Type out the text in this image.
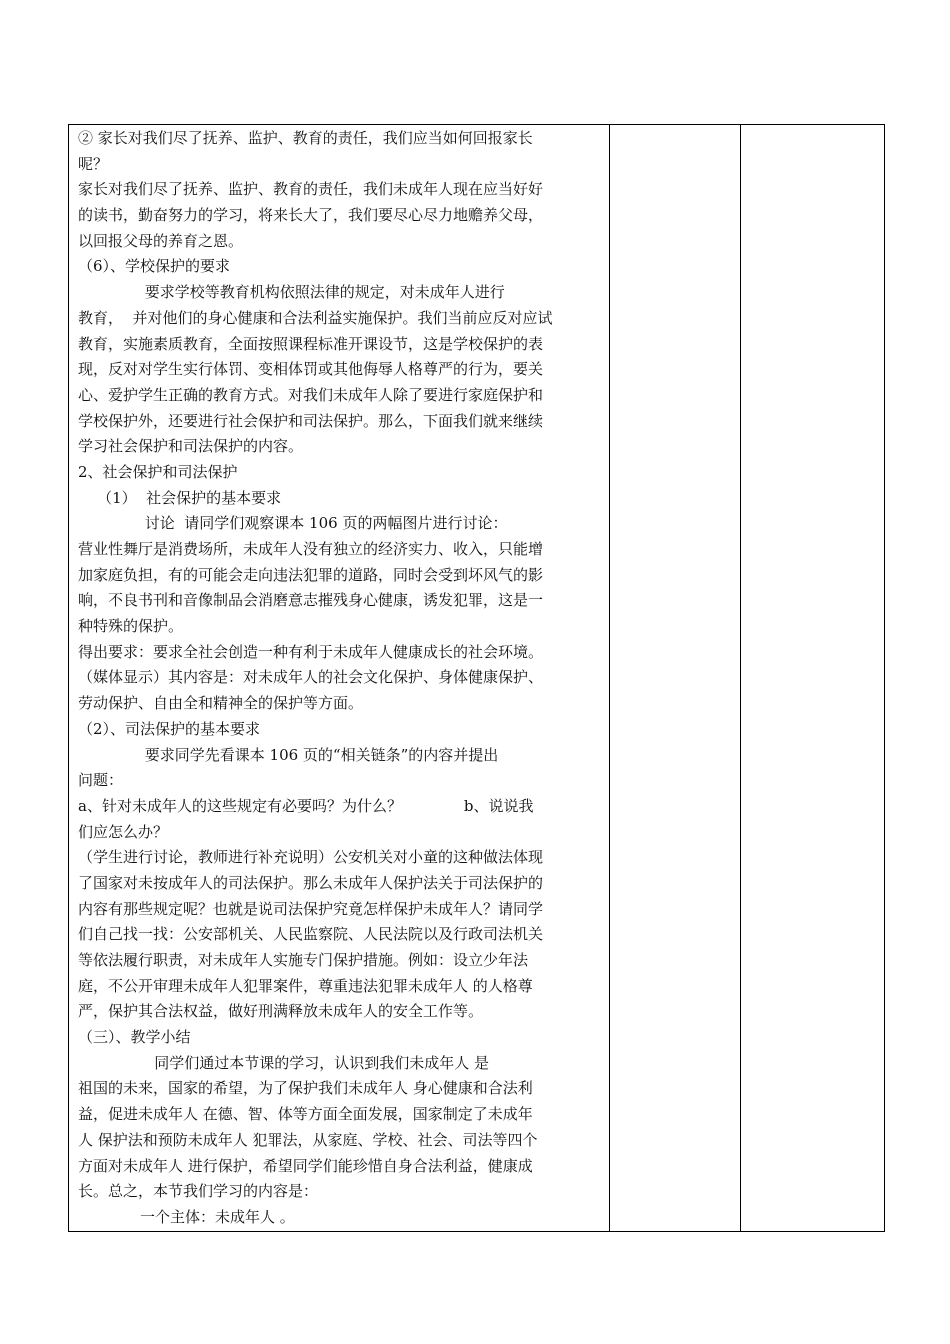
② 家长对我们尽了抚养、监护、教育的责任，我们应当如何回报家长
呢？
家长对我们尽了抚养、监护、教育的责任，我们未成年人现在应当好好
的读书，勤奋努力的学习，将来长大了，我们要尽心尽力地赡养父母，
以回报父母的养育之恩。
（6）、学校保护的要求
要求学校等教育机构依照法律的规定，对未成年人进行
教育，  并对他们的身心健康和合法利益实施保护。我们当前应反对应试
教育，实施素质教育，全面按照课程标准开课设节，这是学校保护的表
现，反对对学生实行体罚、变相体罚或其他侮辱人格尊严的行为，要关
心、爱护学生正确的教育方式。对我们未成年人除了要进行家庭保护和
学校保护外，还要进行社会保护和司法保护。那么，下面我们就来继续
学习社会保护和司法保护的内容。
2、社会保护和司法保护
（1）  社会保护的基本要求
讨论  请同学们观察课本 106 页的两幅图片进行讨论：
营业性舞厅是消费场所，未成年人没有独立的经济实力、收入，只能增
加家庭负担，有的可能会走向违法犯罪的道路，同时会受到坏风气的影
响，不良书刊和音像制品会消磨意志摧残身心健康，诱发犯罪，这是一
种特殊的保护。
得出要求：要求全社会创造一种有利于未成年人健康成长的社会环境。
（媒体显示）其内容是：对未成年人的社会文化保护、身体健康保护、
劳动保护、自由全和精神全的保护等方面。
（2）、司法保护的基本要求
要求同学先看课本 106 页的“相关链条”的内容并提出
问题：
a、针对未成年人的这些规定有必要吗？为什么？             b、说说我
们应怎么办？
（学生进行讨论，教师进行补充说明）公安机关对小童的这种做法体现
了国家对未按成年人的司法保护。那么未成年人保护法关于司法保护的
内容有那些规定呢？也就是说司法保护究竟怎样保护未成年人？请同学
们自己找一找：公安部机关、人民监察院、人民法院以及行政司法机关
等依法履行职责，对未成年人实施专门保护措施。例如：设立少年法
庭，不公开审理未成年人犯罪案件，尊重违法犯罪未成年人 的人格尊
严，保护其合法权益，做好刑满释放未成年人的安全工作等。
（三）、教学小结
同学们通过本节课的学习，认识到我们未成年人 是
祖国的未来，国家的希望，为了保护我们未成年人 身心健康和合法利
益，促进未成年人 在德、智、体等方面全面发展，国家制定了未成年
人 保护法和预防未成年人 犯罪法，从家庭、学校、社会、司法等四个
方面对未成年人 进行保护，希望同学们能珍惜自身合法利益，健康成
长。总之，本节我们学习的内容是：
一个主体：未成年人 。
